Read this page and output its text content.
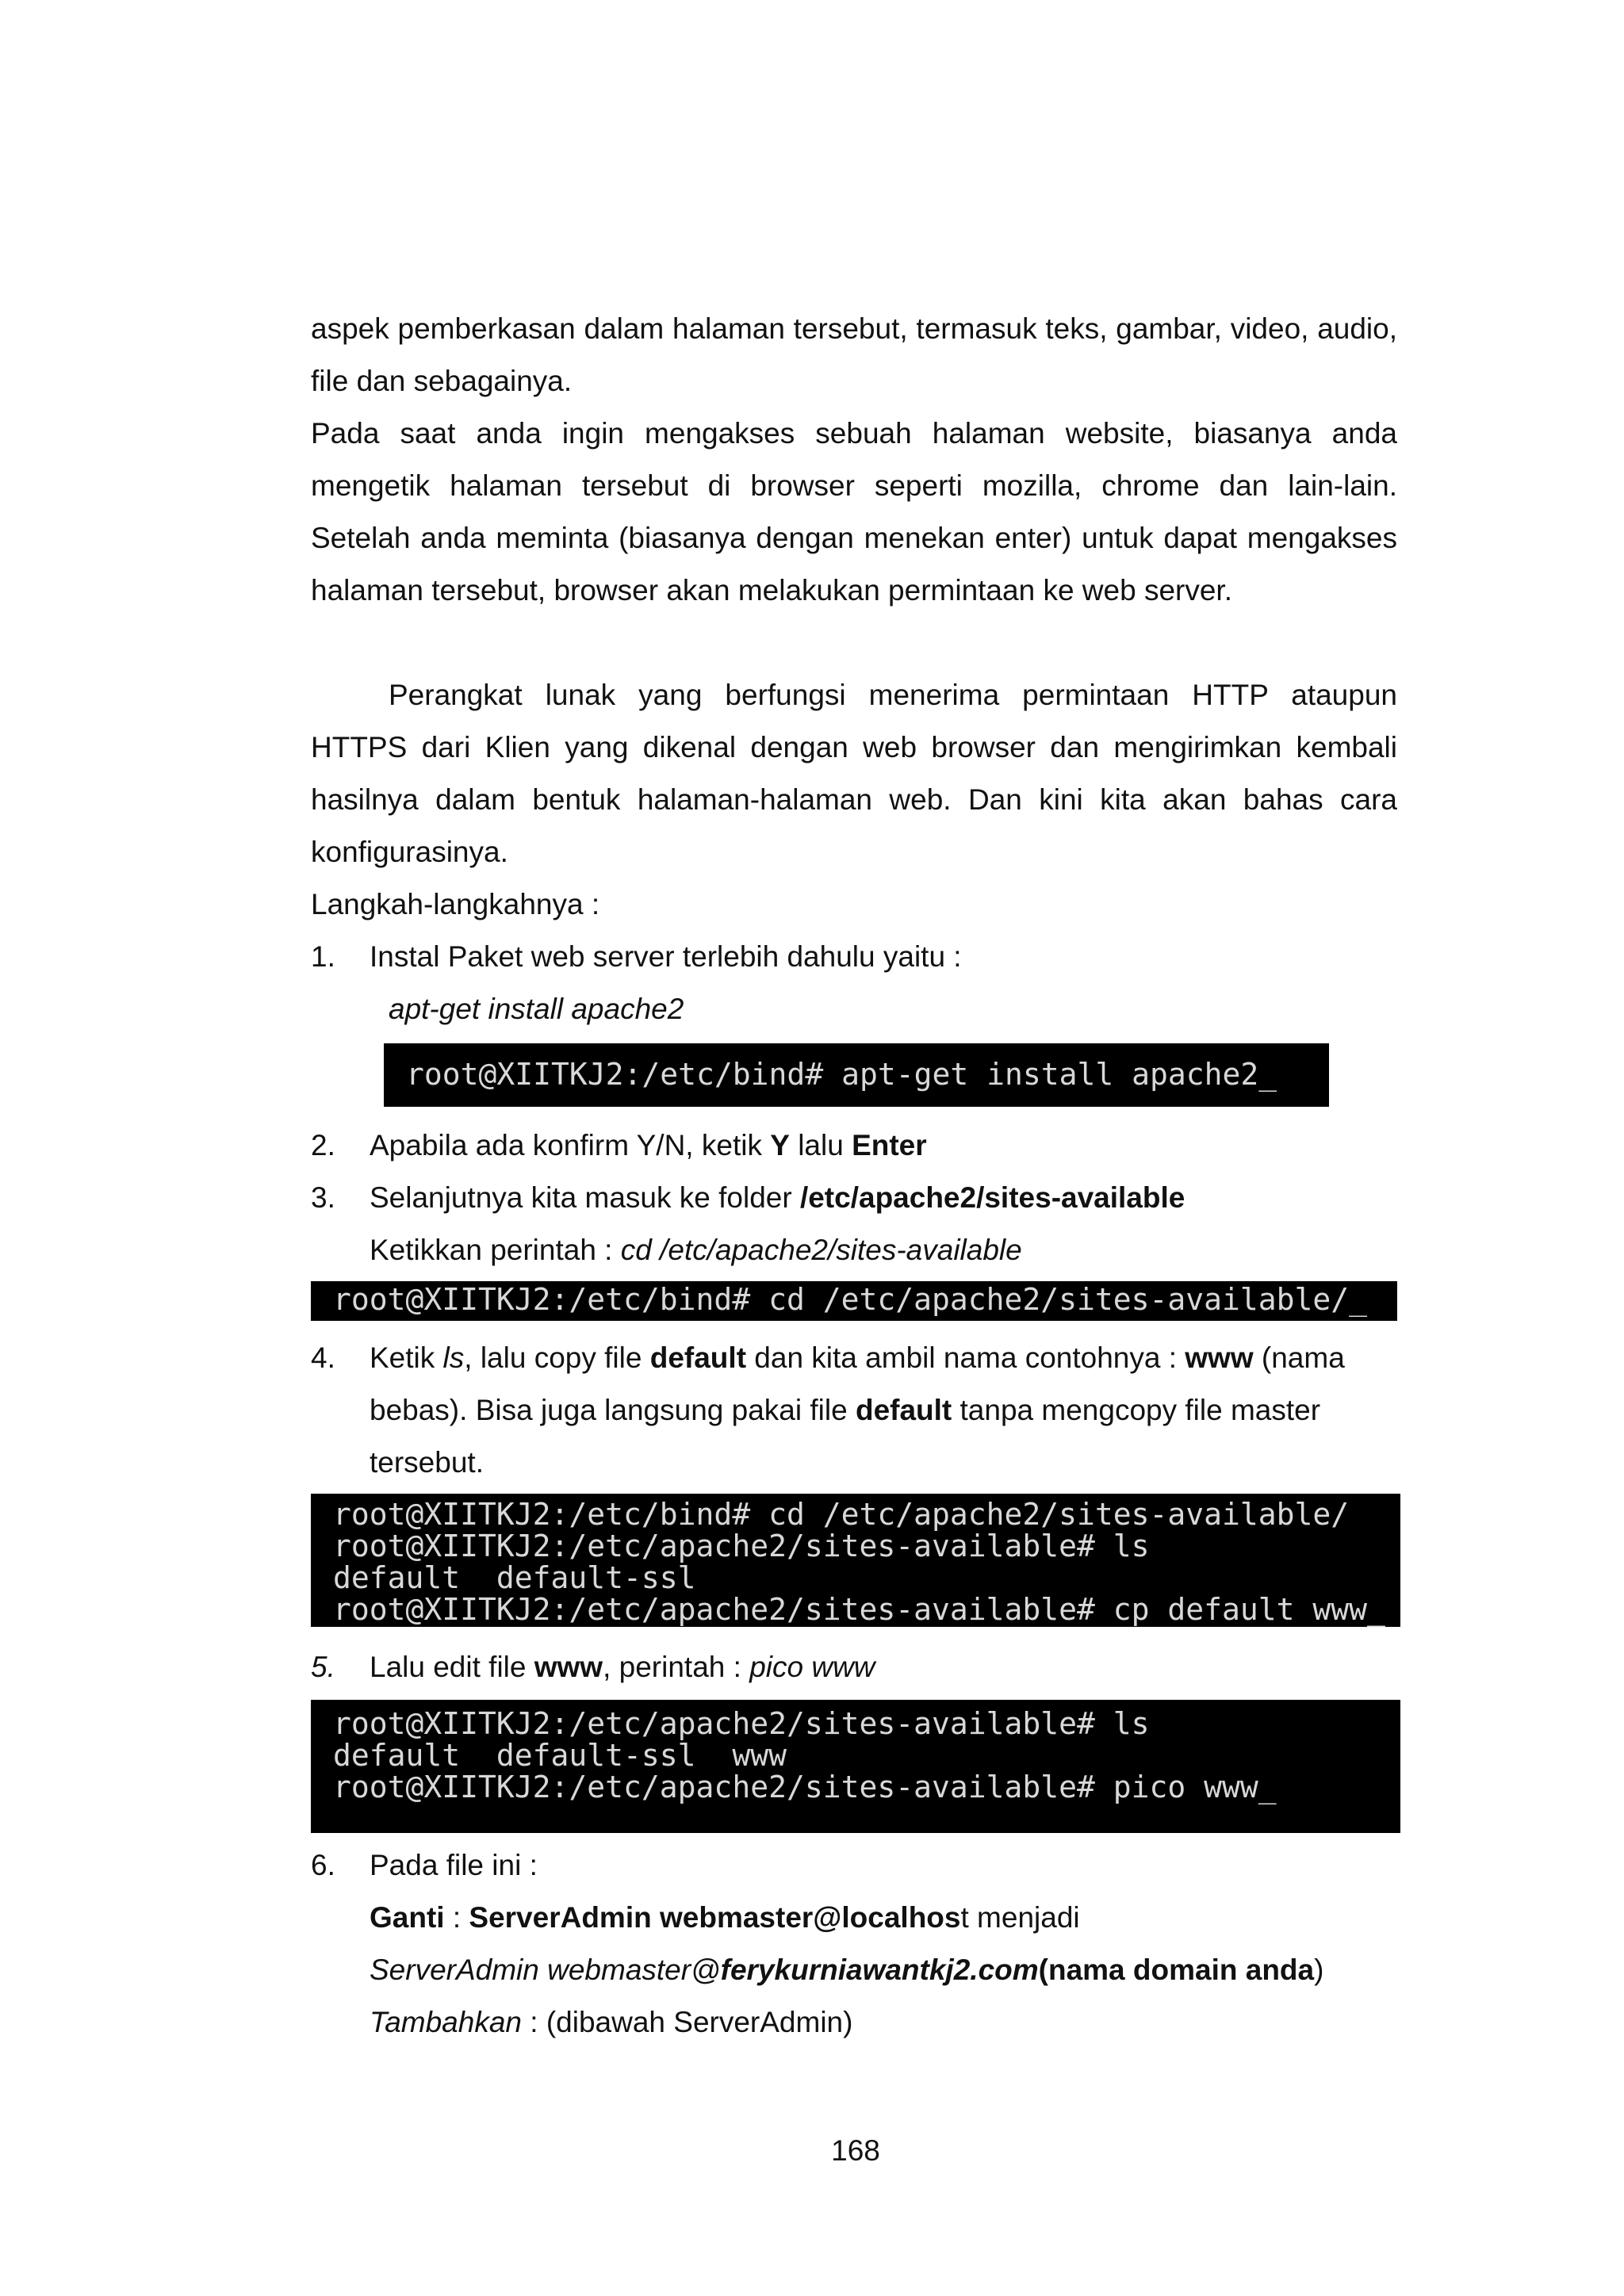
aspek pemberkasan dalam halaman tersebut, termasuk teks, gambar, video, audio, file dan sebagainya.

Pada saat anda ingin mengakses sebuah halaman website, biasanya anda mengetik halaman tersebut di browser seperti mozilla, chrome dan lain-lain. Setelah anda meminta (biasanya dengan menekan enter) untuk dapat mengakses halaman tersebut, browser akan melakukan permintaan ke web server.

Perangkat lunak yang berfungsi menerima permintaan HTTP ataupun HTTPS dari Klien yang dikenal dengan web browser dan mengirimkan kembali hasilnya dalam bentuk halaman-halaman web. Dan kini kita akan bahas cara konfigurasinya.

Langkah-langkahnya :
1. Instal Paket web server terlebih dahulu yaitu :
apt-get install apache2
root@XIITKJ2:/etc/bind# apt-get install apache2_
2. Apabila ada konfirm Y/N, ketik Y lalu Enter
3. Selanjutnya kita masuk ke folder /etc/apache2/sites-available
Ketikkan perintah : cd /etc/apache2/sites-available
root@XIITKJ2:/etc/bind# cd /etc/apache2/sites-available/_
4. Ketik ls, lalu copy file default dan kita ambil nama contohnya : www (nama
bebas). Bisa juga langsung pakai file default tanpa mengcopy file master
tersebut.
root@XIITKJ2:/etc/bind# cd /etc/apache2/sites-available/
root@XIITKJ2:/etc/apache2/sites-available# ls
default  default-ssl
root@XIITKJ2:/etc/apache2/sites-available# cp default www_
5. Lalu edit file www, perintah : pico www
root@XIITKJ2:/etc/apache2/sites-available# ls
default  default-ssl  www
root@XIITKJ2:/etc/apache2/sites-available# pico www_
6. Pada file ini :
Ganti : ServerAdmin webmaster@localhost menjadi
ServerAdmin webmaster@ferykurniawantkj2.com(nama domain anda)
Tambahkan : (dibawah ServerAdmin)
168
